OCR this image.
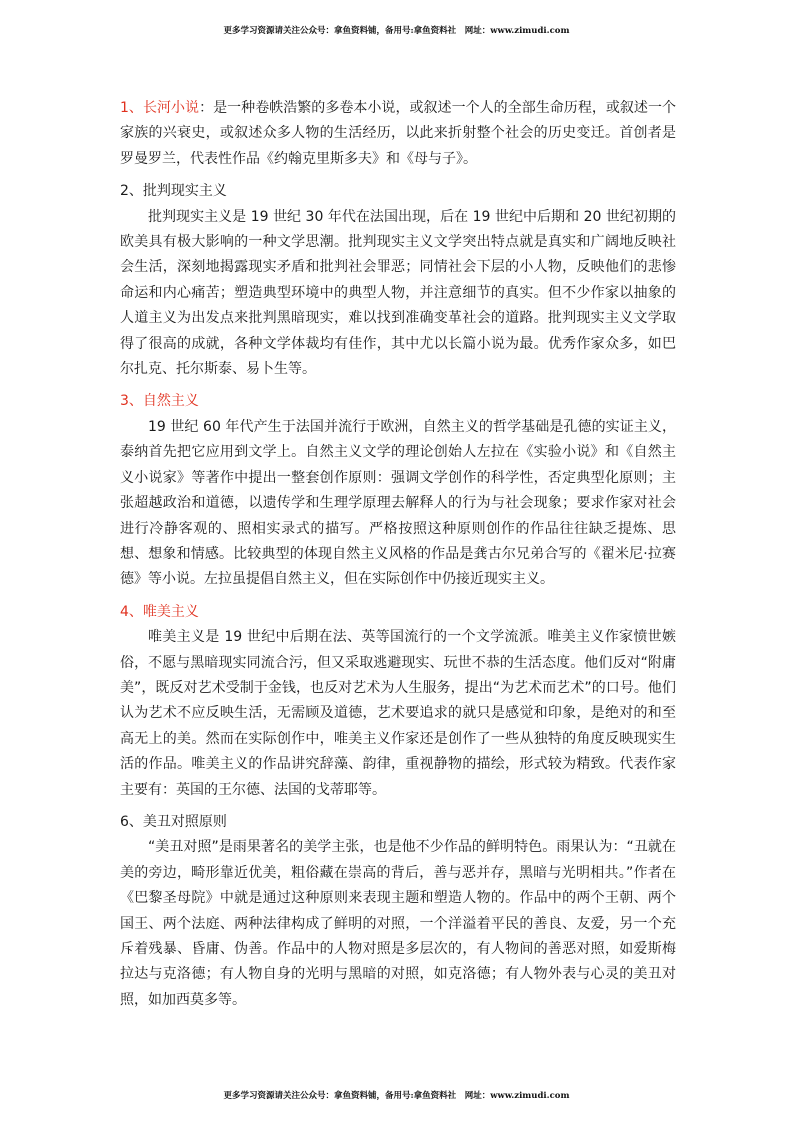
更多学习资源请关注公众号：拿鱼资料铺，备用号:拿鱼资料社　网址：www.zimudi.com

1、长河小说：是一种卷帙浩繁的多卷本小说，或叙述一个人的全部生命历程，或叙述一个家族的兴衰史，或叙述众多人物的生活经历，以此来折射整个社会的历史变迁。首创者是罗曼罗兰，代表性作品《约翰克里斯多夫》和《母与子》。

2、批判现实主义

批判现实主义是 19 世纪 30 年代在法国出现，后在 19 世纪中后期和 20 世纪初期的欧美具有极大影响的一种文学思潮。批判现实主义文学突出特点就是真实和广阔地反映社会生活，深刻地揭露现实矛盾和批判社会罪恶；同情社会下层的小人物，反映他们的悲惨命运和内心痛苦；塑造典型环境中的典型人物，并注意细节的真实。但不少作家以抽象的人道主义为出发点来批判黑暗现实，难以找到准确变革社会的道路。批判现实主义文学取得了很高的成就，各种文学体裁均有佳作，其中尤以长篇小说为最。优秀作家众多，如巴尔扎克、托尔斯泰、易卜生等。

3、自然主义

19 世纪 60 年代产生于法国并流行于欧洲，自然主义的哲学基础是孔德的实证主义，泰纳首先把它应用到文学上。自然主义文学的理论创始人左拉在《实验小说》和《自然主义小说家》等著作中提出一整套创作原则：强调文学创作的科学性，否定典型化原则；主张超越政治和道德，以遗传学和生理学原理去解释人的行为与社会现象；要求作家对社会进行冷静客观的、照相实录式的描写。严格按照这种原则创作的作品往往缺乏提炼、思想、想象和情感。比较典型的体现自然主义风格的作品是龚古尔兄弟合写的《翟米尼·拉赛德》等小说。左拉虽提倡自然主义，但在实际创作中仍接近现实主义。

4、唯美主义

唯美主义是 19 世纪中后期在法、英等国流行的一个文学流派。唯美主义作家愤世嫉俗，不愿与黑暗现实同流合污，但又采取逃避现实、玩世不恭的生活态度。他们反对“附庸美”，既反对艺术受制于金钱，也反对艺术为人生服务，提出“为艺术而艺术”的口号。他们认为艺术不应反映生活，无需顾及道德，艺术要追求的就只是感觉和印象，是绝对的和至高无上的美。然而在实际创作中，唯美主义作家还是创作了一些从独特的角度反映现实生活的作品。唯美主义的作品讲究辞藻、韵律，重视静物的描绘，形式较为精致。代表作家主要有：英国的王尔德、法国的戈蒂耶等。

6、美丑对照原则

“美丑对照”是雨果著名的美学主张，也是他不少作品的鲜明特色。雨果认为：“丑就在美的旁边，畸形靠近优美，粗俗藏在崇高的背后，善与恶并存，黑暗与光明相共。”作者在《巴黎圣母院》中就是通过这种原则来表现主题和塑造人物的。作品中的两个王朝、两个国王、两个法庭、两种法律构成了鲜明的对照，一个洋溢着平民的善良、友爱，另一个充斥着残暴、昏庸、伪善。作品中的人物对照是多层次的，有人物间的善恶对照，如爱斯梅拉达与克洛德；有人物自身的光明与黑暗的对照，如克洛德；有人物外表与心灵的美丑对照，如加西莫多等。

更多学习资源请关注公众号：拿鱼资料铺，备用号:拿鱼资料社　网址：www.zimudi.com
